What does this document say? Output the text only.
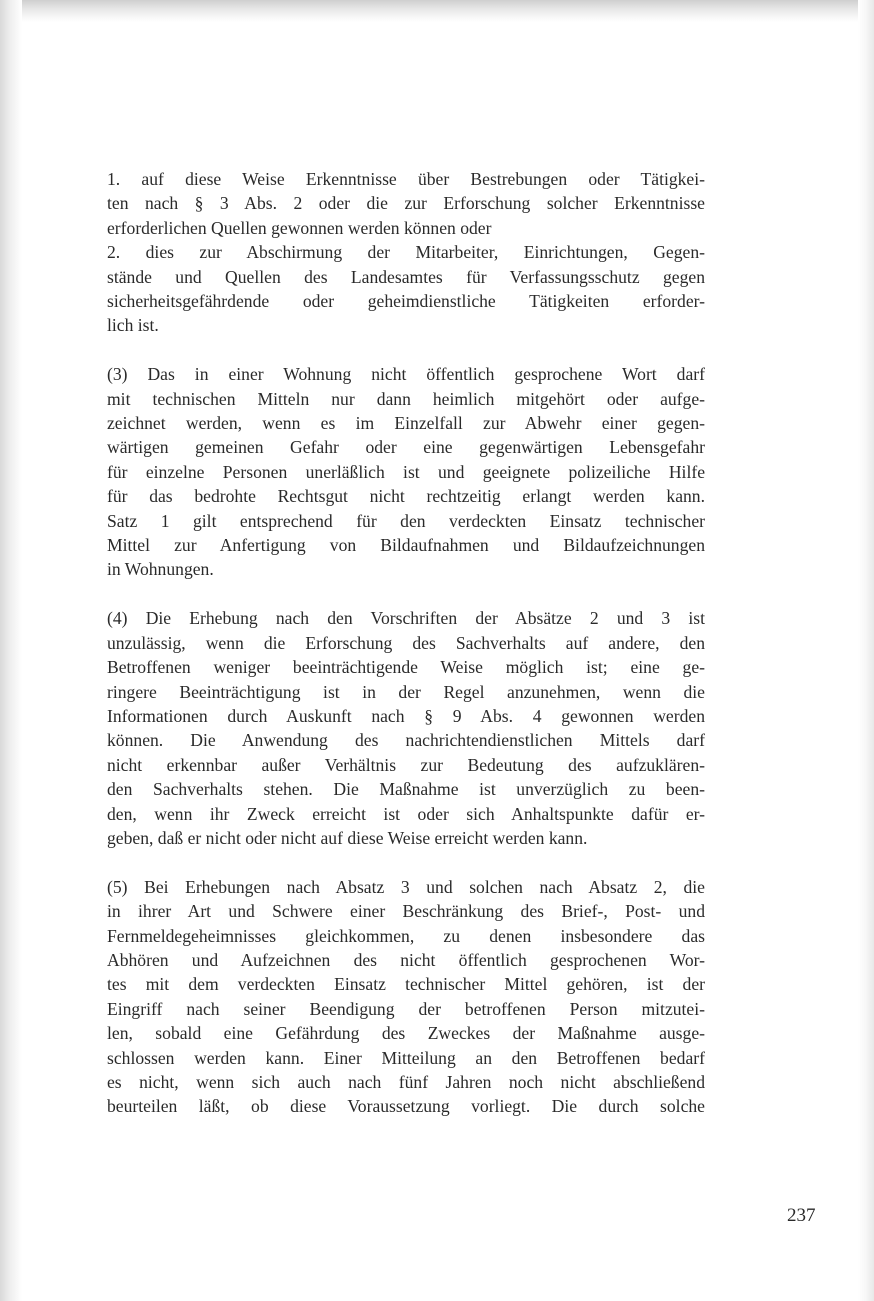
1. auf diese Weise Erkenntnisse über Bestrebungen oder Tätigkei-
ten nach § 3 Abs. 2 oder die zur Erforschung solcher Erkenntnisse
erforderlichen Quellen gewonnen werden können oder
2. dies zur Abschirmung der Mitarbeiter, Einrichtungen, Gegen-
stände und Quellen des Landesamtes für Verfassungsschutz gegen
sicherheitsgefährdende oder geheimdienstliche Tätigkeiten erforder-
lich ist.
(3) Das in einer Wohnung nicht öffentlich gesprochene Wort darf
mit technischen Mitteln nur dann heimlich mitgehört oder aufge-
zeichnet werden, wenn es im Einzelfall zur Abwehr einer gegen-
wärtigen gemeinen Gefahr oder eine gegenwärtigen Lebensgefahr
für einzelne Personen unerläßlich ist und geeignete polizeiliche Hilfe
für das bedrohte Rechtsgut nicht rechtzeitig erlangt werden kann.
Satz 1 gilt entsprechend für den verdeckten Einsatz technischer
Mittel zur Anfertigung von Bildaufnahmen und Bildaufzeichnungen
in Wohnungen.
(4) Die Erhebung nach den Vorschriften der Absätze 2 und 3 ist
unzulässig, wenn die Erforschung des Sachverhalts auf andere, den
Betroffenen weniger beeinträchtigende Weise möglich ist; eine ge-
ringere Beeinträchtigung ist in der Regel anzunehmen, wenn die
Informationen durch Auskunft nach § 9 Abs. 4 gewonnen werden
können. Die Anwendung des nachrichtendienstlichen Mittels darf
nicht erkennbar außer Verhältnis zur Bedeutung des aufzuklären-
den Sachverhalts stehen. Die Maßnahme ist unverzüglich zu been-
den, wenn ihr Zweck erreicht ist oder sich Anhaltspunkte dafür er-
geben, daß er nicht oder nicht auf diese Weise erreicht werden kann.
(5) Bei Erhebungen nach Absatz 3 und solchen nach Absatz 2, die
in ihrer Art und Schwere einer Beschränkung des Brief-, Post- und
Fernmeldegeheimnisses gleichkommen, zu denen insbesondere das
Abhören und Aufzeichnen des nicht öffentlich gesprochenen Wor-
tes mit dem verdeckten Einsatz technischer Mittel gehören, ist der
Eingriff nach seiner Beendigung der betroffenen Person mitzutei-
len, sobald eine Gefährdung des Zweckes der Maßnahme ausge-
schlossen werden kann. Einer Mitteilung an den Betroffenen bedarf
es nicht, wenn sich auch nach fünf Jahren noch nicht abschließend
beurteilen läßt, ob diese Voraussetzung vorliegt. Die durch solche
237
